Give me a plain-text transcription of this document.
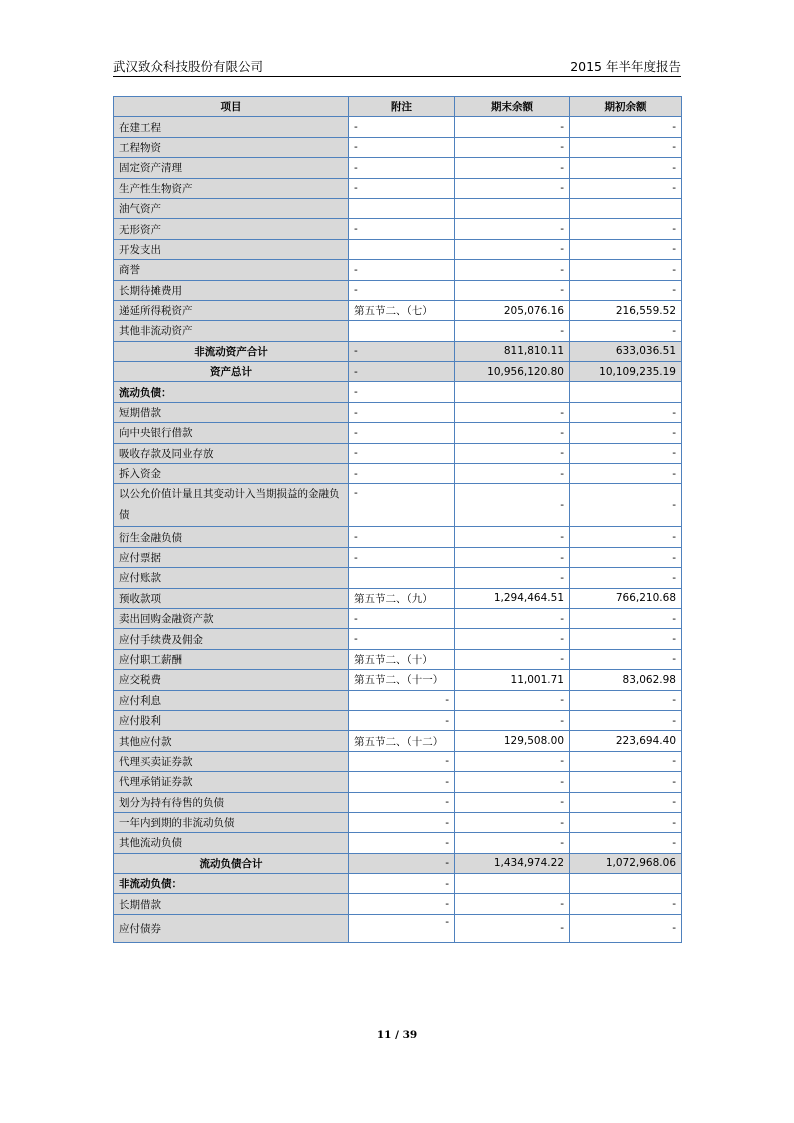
武汉致众科技股份有限公司	2015 年半年度报告
项目	附注	期末余额	期初余额
在建工程	-	-	-
工程物资	-	-	-
固定资产清理	-	-	-
生产性生物资产	-	-	-
油气资产			
无形资产	-	-	-
开发支出		-	-
商誉	-	-	-
长期待摊费用	-	-	-
递延所得税资产	第五节二、（七）	205,076.16	216,559.52
其他非流动资产		-	-
非流动资产合计	-	811,810.11	633,036.51
资产总计	-	10,956,120.80	10,109,235.19
流动负债：	-		
短期借款	-	-	-
向中央银行借款	-	-	-
吸收存款及同业存放	-	-	-
拆入资金	-	-	-
以公允价值计量且其变动计入当期损益的金融负债	-	-	-
衍生金融负债	-	-	-
应付票据	-	-	-
应付账款		-	-
预收款项	第五节二、（九）	1,294,464.51	766,210.68
卖出回购金融资产款	-	-	-
应付手续费及佣金	-	-	-
应付职工薪酬	第五节二、（十）	-	-
应交税费	第五节二、（十一）	11,001.71	83,062.98
应付利息	-	-	-
应付股利	-	-	-
其他应付款	第五节二、（十二）	129,508.00	223,694.40
代理买卖证券款	-	-	-
代理承销证券款	-	-	-
划分为持有待售的负债	-	-	-
一年内到期的非流动负债	-	-	-
其他流动负债	-	-	-
流动负债合计	-	1,434,974.22	1,072,968.06
非流动负债：	-		
长期借款	-	-	-
应付债券	-	-	-
11 / 39
